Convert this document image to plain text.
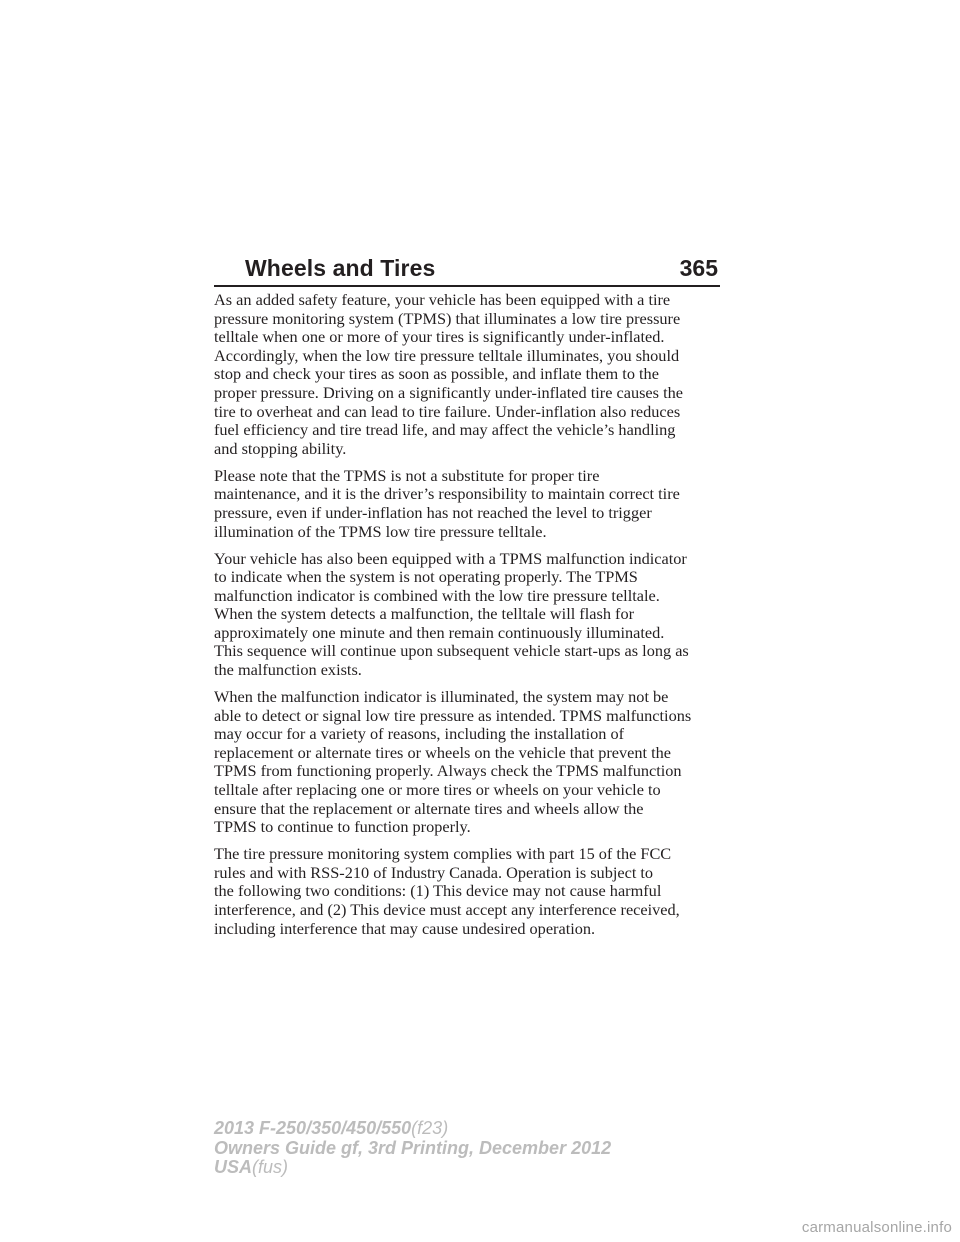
Wheels and Tires	365

As an added safety feature, your vehicle has been equipped with a tire
pressure monitoring system (TPMS) that illuminates a low tire pressure
telltale when one or more of your tires is significantly under-inflated.
Accordingly, when the low tire pressure telltale illuminates, you should
stop and check your tires as soon as possible, and inflate them to the
proper pressure. Driving on a significantly under-inflated tire causes the
tire to overheat and can lead to tire failure. Under-inflation also reduces
fuel efficiency and tire tread life, and may affect the vehicle’s handling
and stopping ability.

Please note that the TPMS is not a substitute for proper tire
maintenance, and it is the driver’s responsibility to maintain correct tire
pressure, even if under-inflation has not reached the level to trigger
illumination of the TPMS low tire pressure telltale.

Your vehicle has also been equipped with a TPMS malfunction indicator
to indicate when the system is not operating properly. The TPMS
malfunction indicator is combined with the low tire pressure telltale.
When the system detects a malfunction, the telltale will flash for
approximately one minute and then remain continuously illuminated.
This sequence will continue upon subsequent vehicle start-ups as long as
the malfunction exists.

When the malfunction indicator is illuminated, the system may not be
able to detect or signal low tire pressure as intended. TPMS malfunctions
may occur for a variety of reasons, including the installation of
replacement or alternate tires or wheels on the vehicle that prevent the
TPMS from functioning properly. Always check the TPMS malfunction
telltale after replacing one or more tires or wheels on your vehicle to
ensure that the replacement or alternate tires and wheels allow the
TPMS to continue to function properly.

The tire pressure monitoring system complies with part 15 of the FCC
rules and with RSS-210 of Industry Canada. Operation is subject to
the following two conditions: (1) This device may not cause harmful
interference, and (2) This device must accept any interference received,
including interference that may cause undesired operation.

2013 F-250/350/450/550(f23)
Owners Guide gf, 3rd Printing, December 2012
USA(fus)
carmanualsonline.info
